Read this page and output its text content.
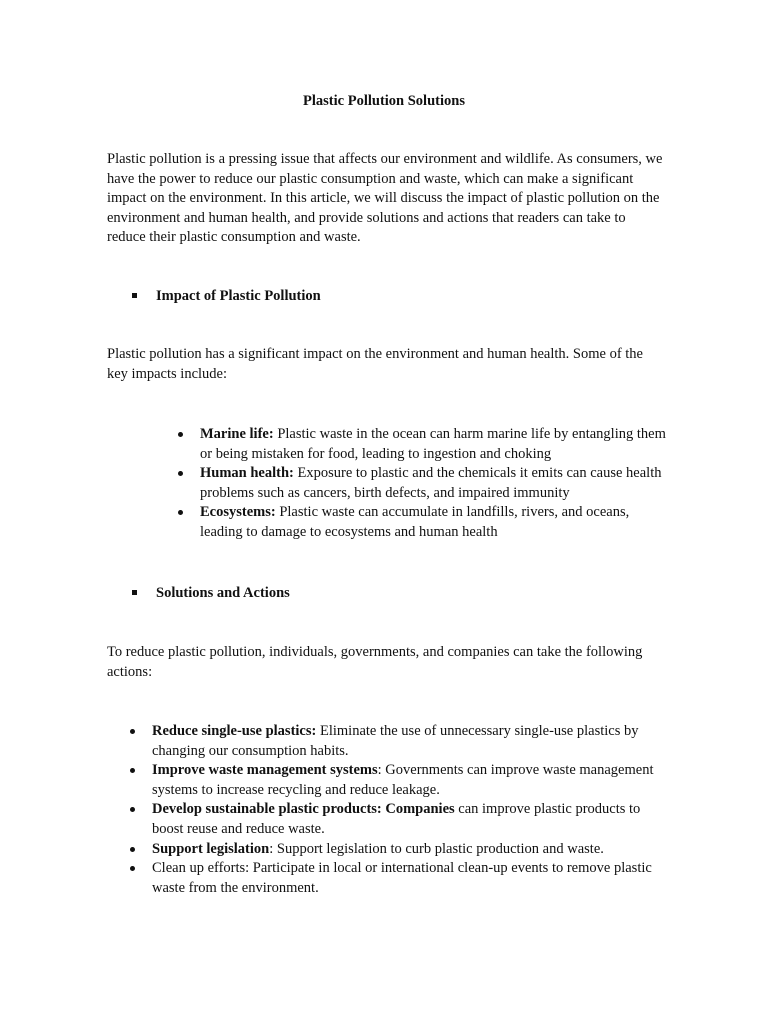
Plastic Pollution Solutions

Plastic pollution is a pressing issue that affects our environment and wildlife. As consumers, we have the power to reduce our plastic consumption and waste, which can make a significant impact on the environment. In this article, we will discuss the impact of plastic pollution on the environment and human health, and provide solutions and actions that readers can take to reduce their plastic consumption and waste.

Impact of Plastic Pollution

Plastic pollution has a significant impact on the environment and human health. Some of the key impacts include:

Marine life: Plastic waste in the ocean can harm marine life by entangling them or being mistaken for food, leading to ingestion and choking
Human health: Exposure to plastic and the chemicals it emits can cause health problems such as cancers, birth defects, and impaired immunity
Ecosystems: Plastic waste can accumulate in landfills, rivers, and oceans, leading to damage to ecosystems and human health
Solutions and Actions

To reduce plastic pollution, individuals, governments, and companies can take the following actions:

Reduce single-use plastics: Eliminate the use of unnecessary single-use plastics by changing our consumption habits.
Improve waste management systems: Governments can improve waste management systems to increase recycling and reduce leakage.
Develop sustainable plastic products: Companies can improve plastic products to boost reuse and reduce waste.
Support legislation: Support legislation to curb plastic production and waste.
Clean up efforts: Participate in local or international clean-up events to remove plastic waste from the environment.
